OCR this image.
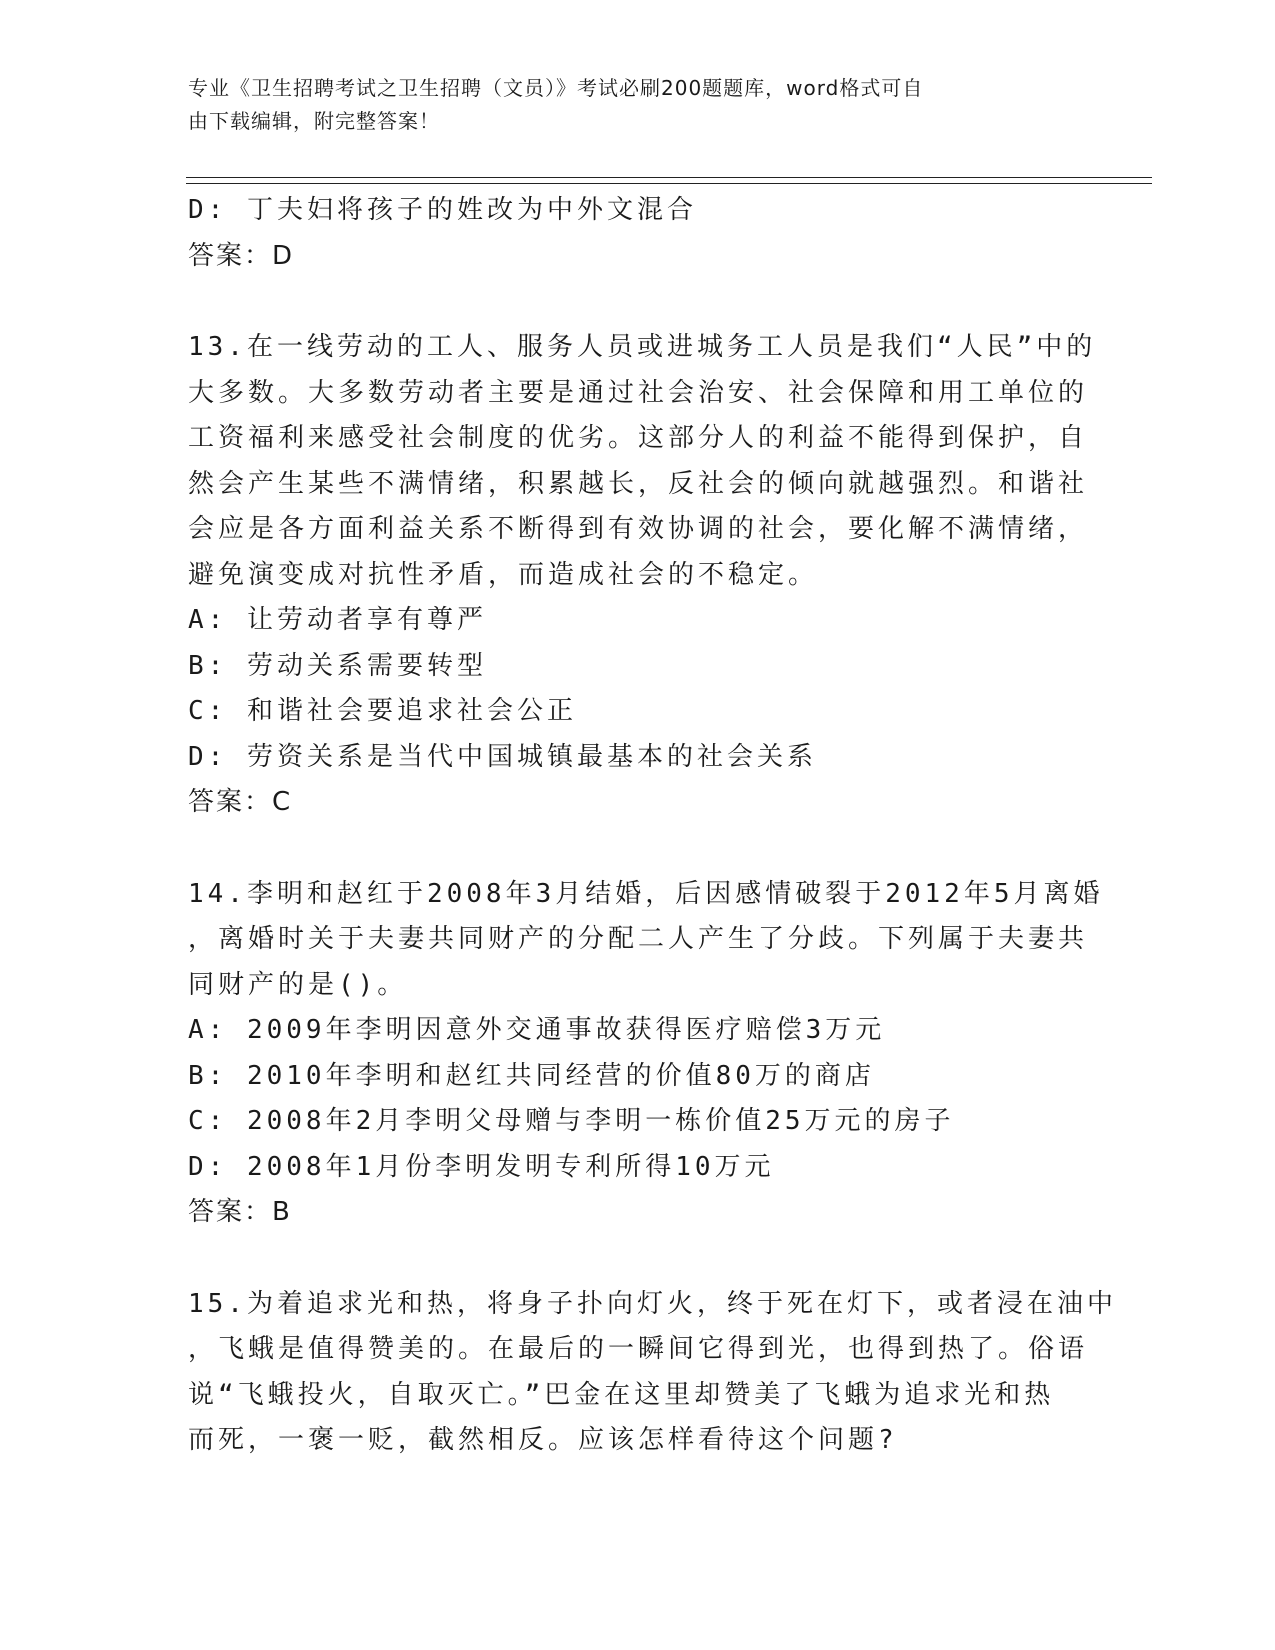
专业《卫生招聘考试之卫生招聘（文员）》考试必刷200题题库，word格式可自
由下载编辑，附完整答案！
D: 丁夫妇将孩子的姓改为中外文混合
答案：D
13.在一线劳动的工人、服务人员或进城务工人员是我们“人民”中的
大多数。大多数劳动者主要是通过社会治安、社会保障和用工单位的
工资福利来感受社会制度的优劣。这部分人的利益不能得到保护，自
然会产生某些不满情绪，积累越长，反社会的倾向就越强烈。和谐社
会应是各方面利益关系不断得到有效协调的社会，要化解不满情绪，
避免演变成对抗性矛盾，而造成社会的不稳定。
A: 让劳动者享有尊严
B: 劳动关系需要转型
C: 和谐社会要追求社会公正
D: 劳资关系是当代中国城镇最基本的社会关系
答案：C
14.李明和赵红于2008年3月结婚，后因感情破裂于2012年5月离婚
，离婚时关于夫妻共同财产的分配二人产生了分歧。下列属于夫妻共
同财产的是()。
A: 2009年李明因意外交通事故获得医疗赔偿3万元
B: 2010年李明和赵红共同经营的价值80万的商店
C: 2008年2月李明父母赠与李明一栋价值25万元的房子
D: 2008年1月份李明发明专利所得10万元
答案：B
15.为着追求光和热，将身子扑向灯火，终于死在灯下，或者浸在油中
，飞蛾是值得赞美的。在最后的一瞬间它得到光，也得到热了。俗语
说“飞蛾投火，自取灭亡。”巴金在这里却赞美了飞蛾为追求光和热
而死，一褒一贬，截然相反。应该怎样看待这个问题?
